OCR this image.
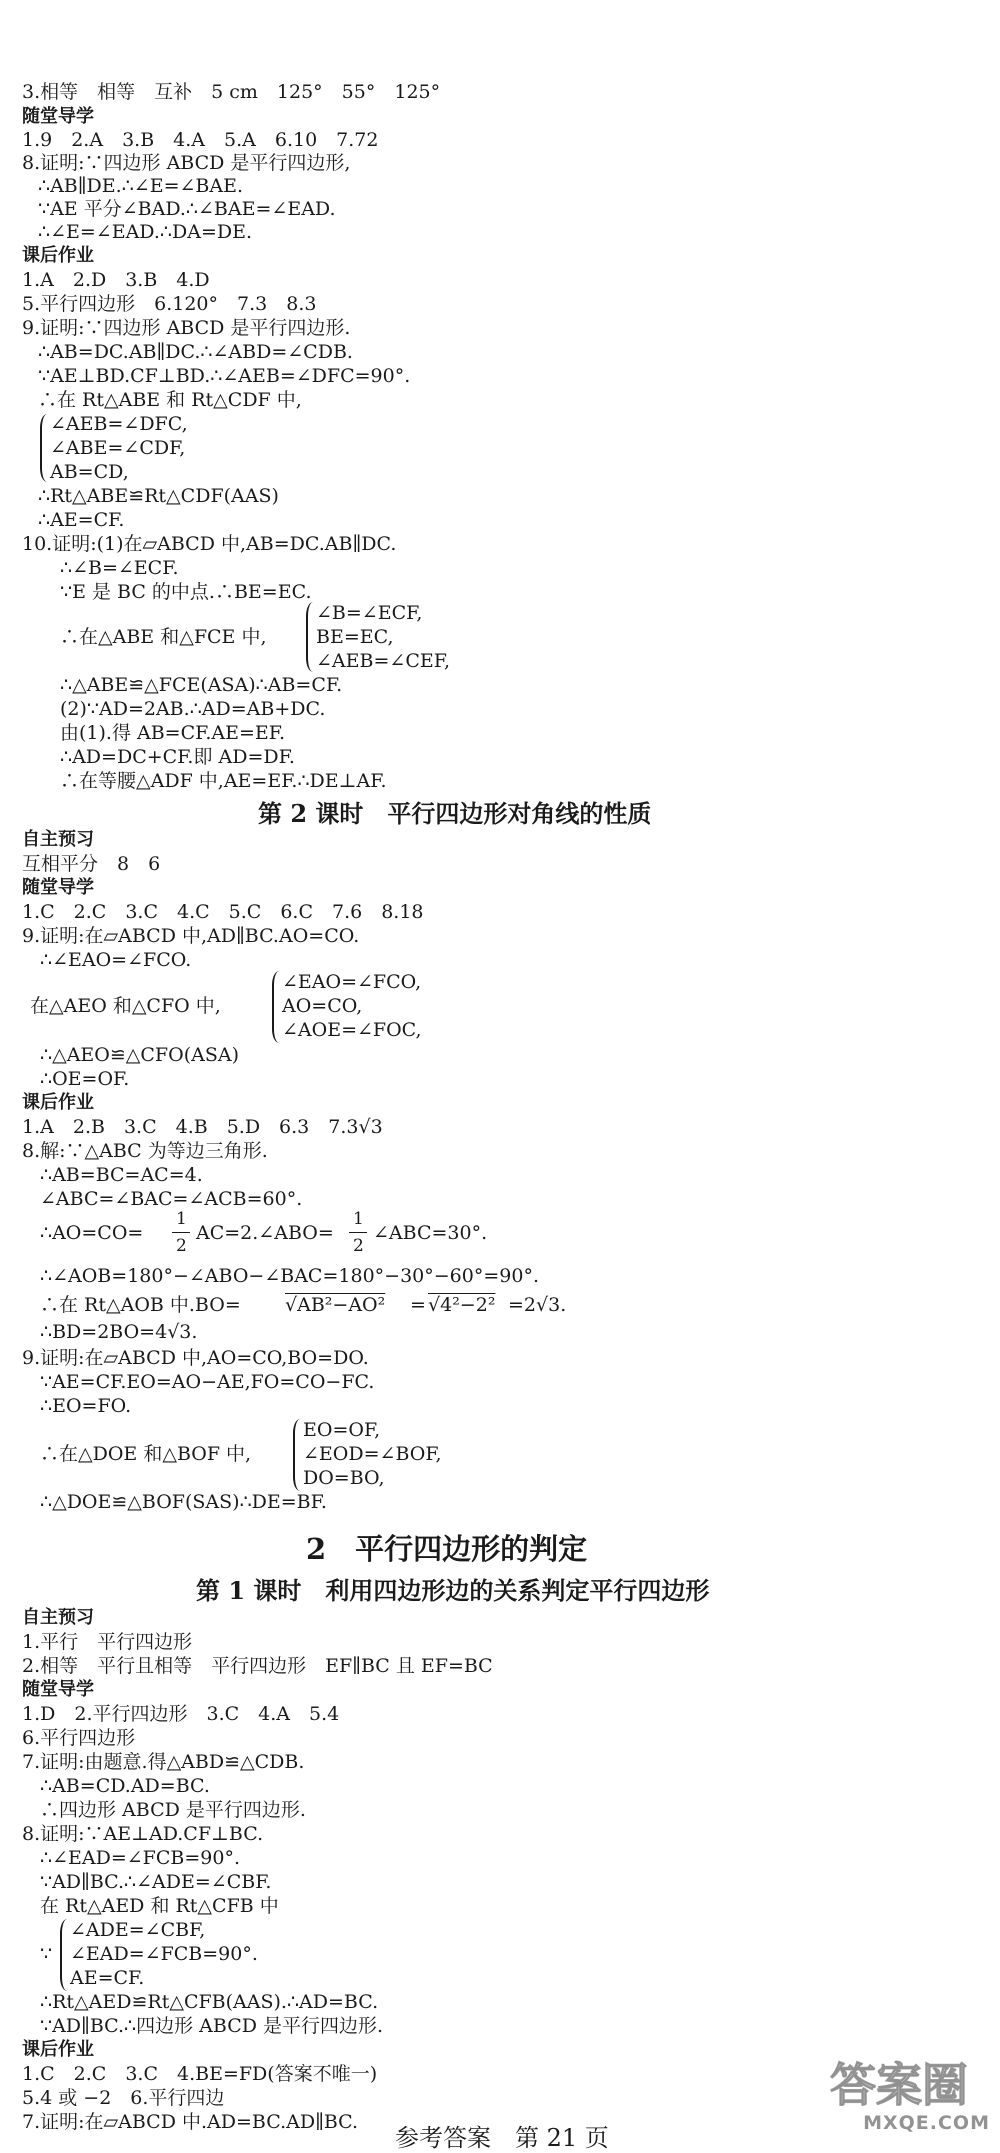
3.相等　相等　互补　5 cm　125°　55°　125°
随堂导学
1.9　2.A　3.B　4.A　5.A　6.10　7.72
8.证明:∵四边形 ABCD 是平行四边形,
∴AB∥DE.∴∠E=∠BAE.
∵AE 平分∠BAD.∴∠BAE=∠EAD.
∴∠E=∠EAD.∴DA=DE.
课后作业
1.A　2.D　3.B　4.D
5.平行四边形　6.120°　7.3　8.3
9.证明:∵四边形 ABCD 是平行四边形.
∴AB=DC.AB∥DC.∴∠ABD=∠CDB.
∵AE⊥BD.CF⊥BD.∴∠AEB=∠DFC=90°.
∴在 Rt△ABE 和 Rt△CDF 中,
∠AEB=∠DFC,
∠ABE=∠CDF,
AB=CD,
∴Rt△ABE≌Rt△CDF(AAS)
∴AE=CF.
10.证明:(1)在▱ABCD 中,AB=DC.AB∥DC.
∴∠B=∠ECF.
∵E 是 BC 的中点.∴BE=EC.
∠B=∠ECF,
∴在△ABE 和△FCE 中,	BE=EC,
∠AEB=∠CEF,
∴△ABE≌△FCE(ASA)∴AB=CF.
(2)∵AD=2AB.∴AD=AB+DC.
由(1).得 AB=CF.AE=EF.
∴AD=DC+CF.即 AD=DF.
∴在等腰△ADF 中,AE=EF.∴DE⊥AF.
第 2 课时　平行四边形对角线的性质
自主预习
互相平分　8　6
随堂导学
1.C　2.C　3.C　4.C　5.C　6.C　7.6　8.18
9.证明:在▱ABCD 中,AD∥BC.AO=CO.
∴∠EAO=∠FCO.
∠EAO=∠FCO,
在△AEO 和△CFO 中,	AO=CO,
∠AOE=∠FOC,
∴△AEO≌△CFO(ASA)
∴OE=OF.
课后作业
1.A　2.B　3.C　4.B　5.D　6.3　7.3√3
8.解:∵△ABC 为等边三角形.
∴AB=BC=AC=4.
∠ABC=∠BAC=∠ACB=60°.
∴AO=CO=
1
2
AC=2.∠ABO=
1
2
∠ABC=30°.
∴∠AOB=180°−∠ABO−∠BAC=180°−30°−60°=90°.
∴在 Rt△AOB 中.BO= √AB²−AO² = √4²−2² =2√3.
∴BD=2BO=4√3.
9.证明:在▱ABCD 中,AO=CO,BO=DO.
∵AE=CF.EO=AO−AE,FO=CO−FC.
∴EO=FO.
EO=OF,
∴在△DOE 和△BOF 中,	∠EOD=∠BOF,
DO=BO,
∴△DOE≌△BOF(SAS)∴DE=BF.
2　平行四边形的判定
第 1 课时　利用四边形边的关系判定平行四边形
自主预习
1.平行　平行四边形
2.相等　平行且相等　平行四边形　EF∥BC 且 EF=BC
随堂导学
1.D　2.平行四边形　3.C　4.A　5.4
6.平行四边形
7.证明:由题意.得△ABD≌△CDB.
∴AB=CD.AD=BC.
∴四边形 ABCD 是平行四边形.
8.证明:∵AE⊥AD.CF⊥BC.
∴∠EAD=∠FCB=90°.
∵AD∥BC.∴∠ADE=∠CBF.
在 Rt△AED 和 Rt△CFB 中
∠ADE=∠CBF,
∵ ∠EAD=∠FCB=90°.
AE=CF.
∴Rt△AED≌Rt△CFB(AAS).∴AD=BC.
∵AD∥BC.∴四边形 ABCD 是平行四边形.
课后作业
1.C　2.C　3.C　4.BE=FD(答案不唯一)
5.4 或 −2　6.平行四边
7.证明:在▱ABCD 中.AD=BC.AD∥BC.
参考答案　第 21 页
答案圈
MXQE.COM
